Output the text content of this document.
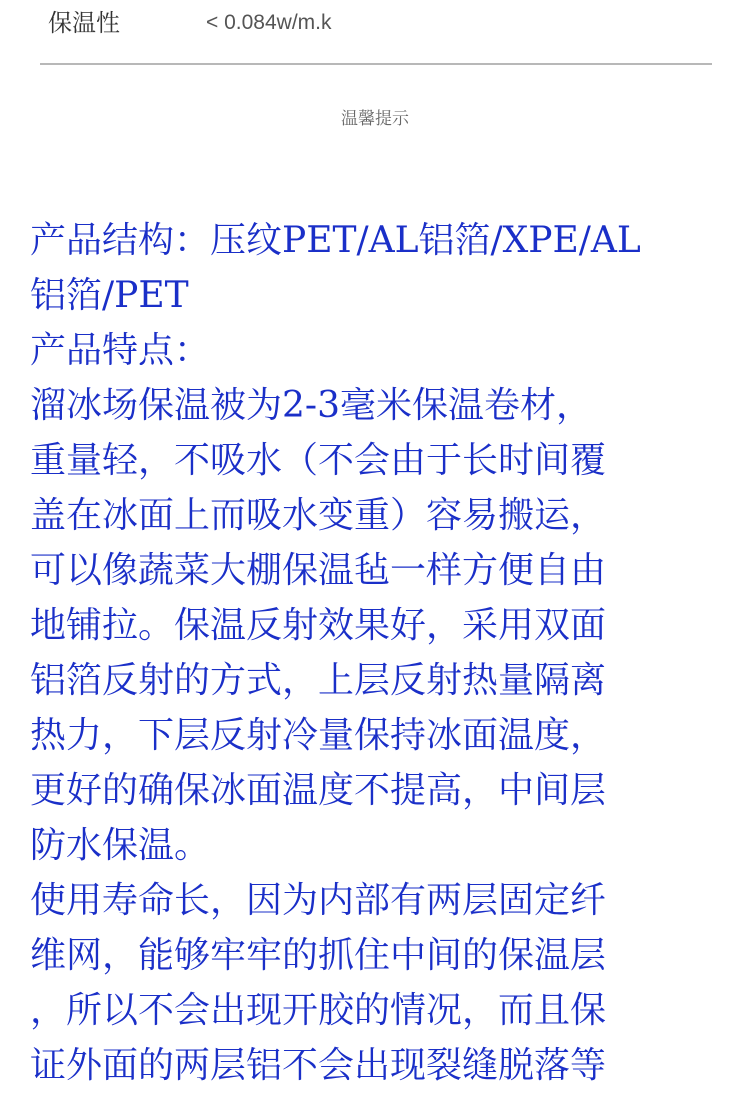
保温性	< 0.084w/m.k
温馨提示
产品结构：压纹PET/AL铝箔/XPE/AL
铝箔/PET
产品特点：
溜冰场保温被为2-3毫米保温卷材，
重量轻，不吸水（不会由于长时间覆
盖在冰面上而吸水变重）容易搬运，
可以像蔬菜大棚保温毡一样方便自由
地铺拉。保温反射效果好，采用双面
铝箔反射的方式，上层反射热量隔离
热力，下层反射冷量保持冰面温度，
更好的确保冰面温度不提高，中间层
防水保温。
使用寿命长，因为内部有两层固定纤
维网，能够牢牢的抓住中间的保温层
，所以不会出现开胶的情况，而且保
证外面的两层铝不会出现裂缝脱落等
